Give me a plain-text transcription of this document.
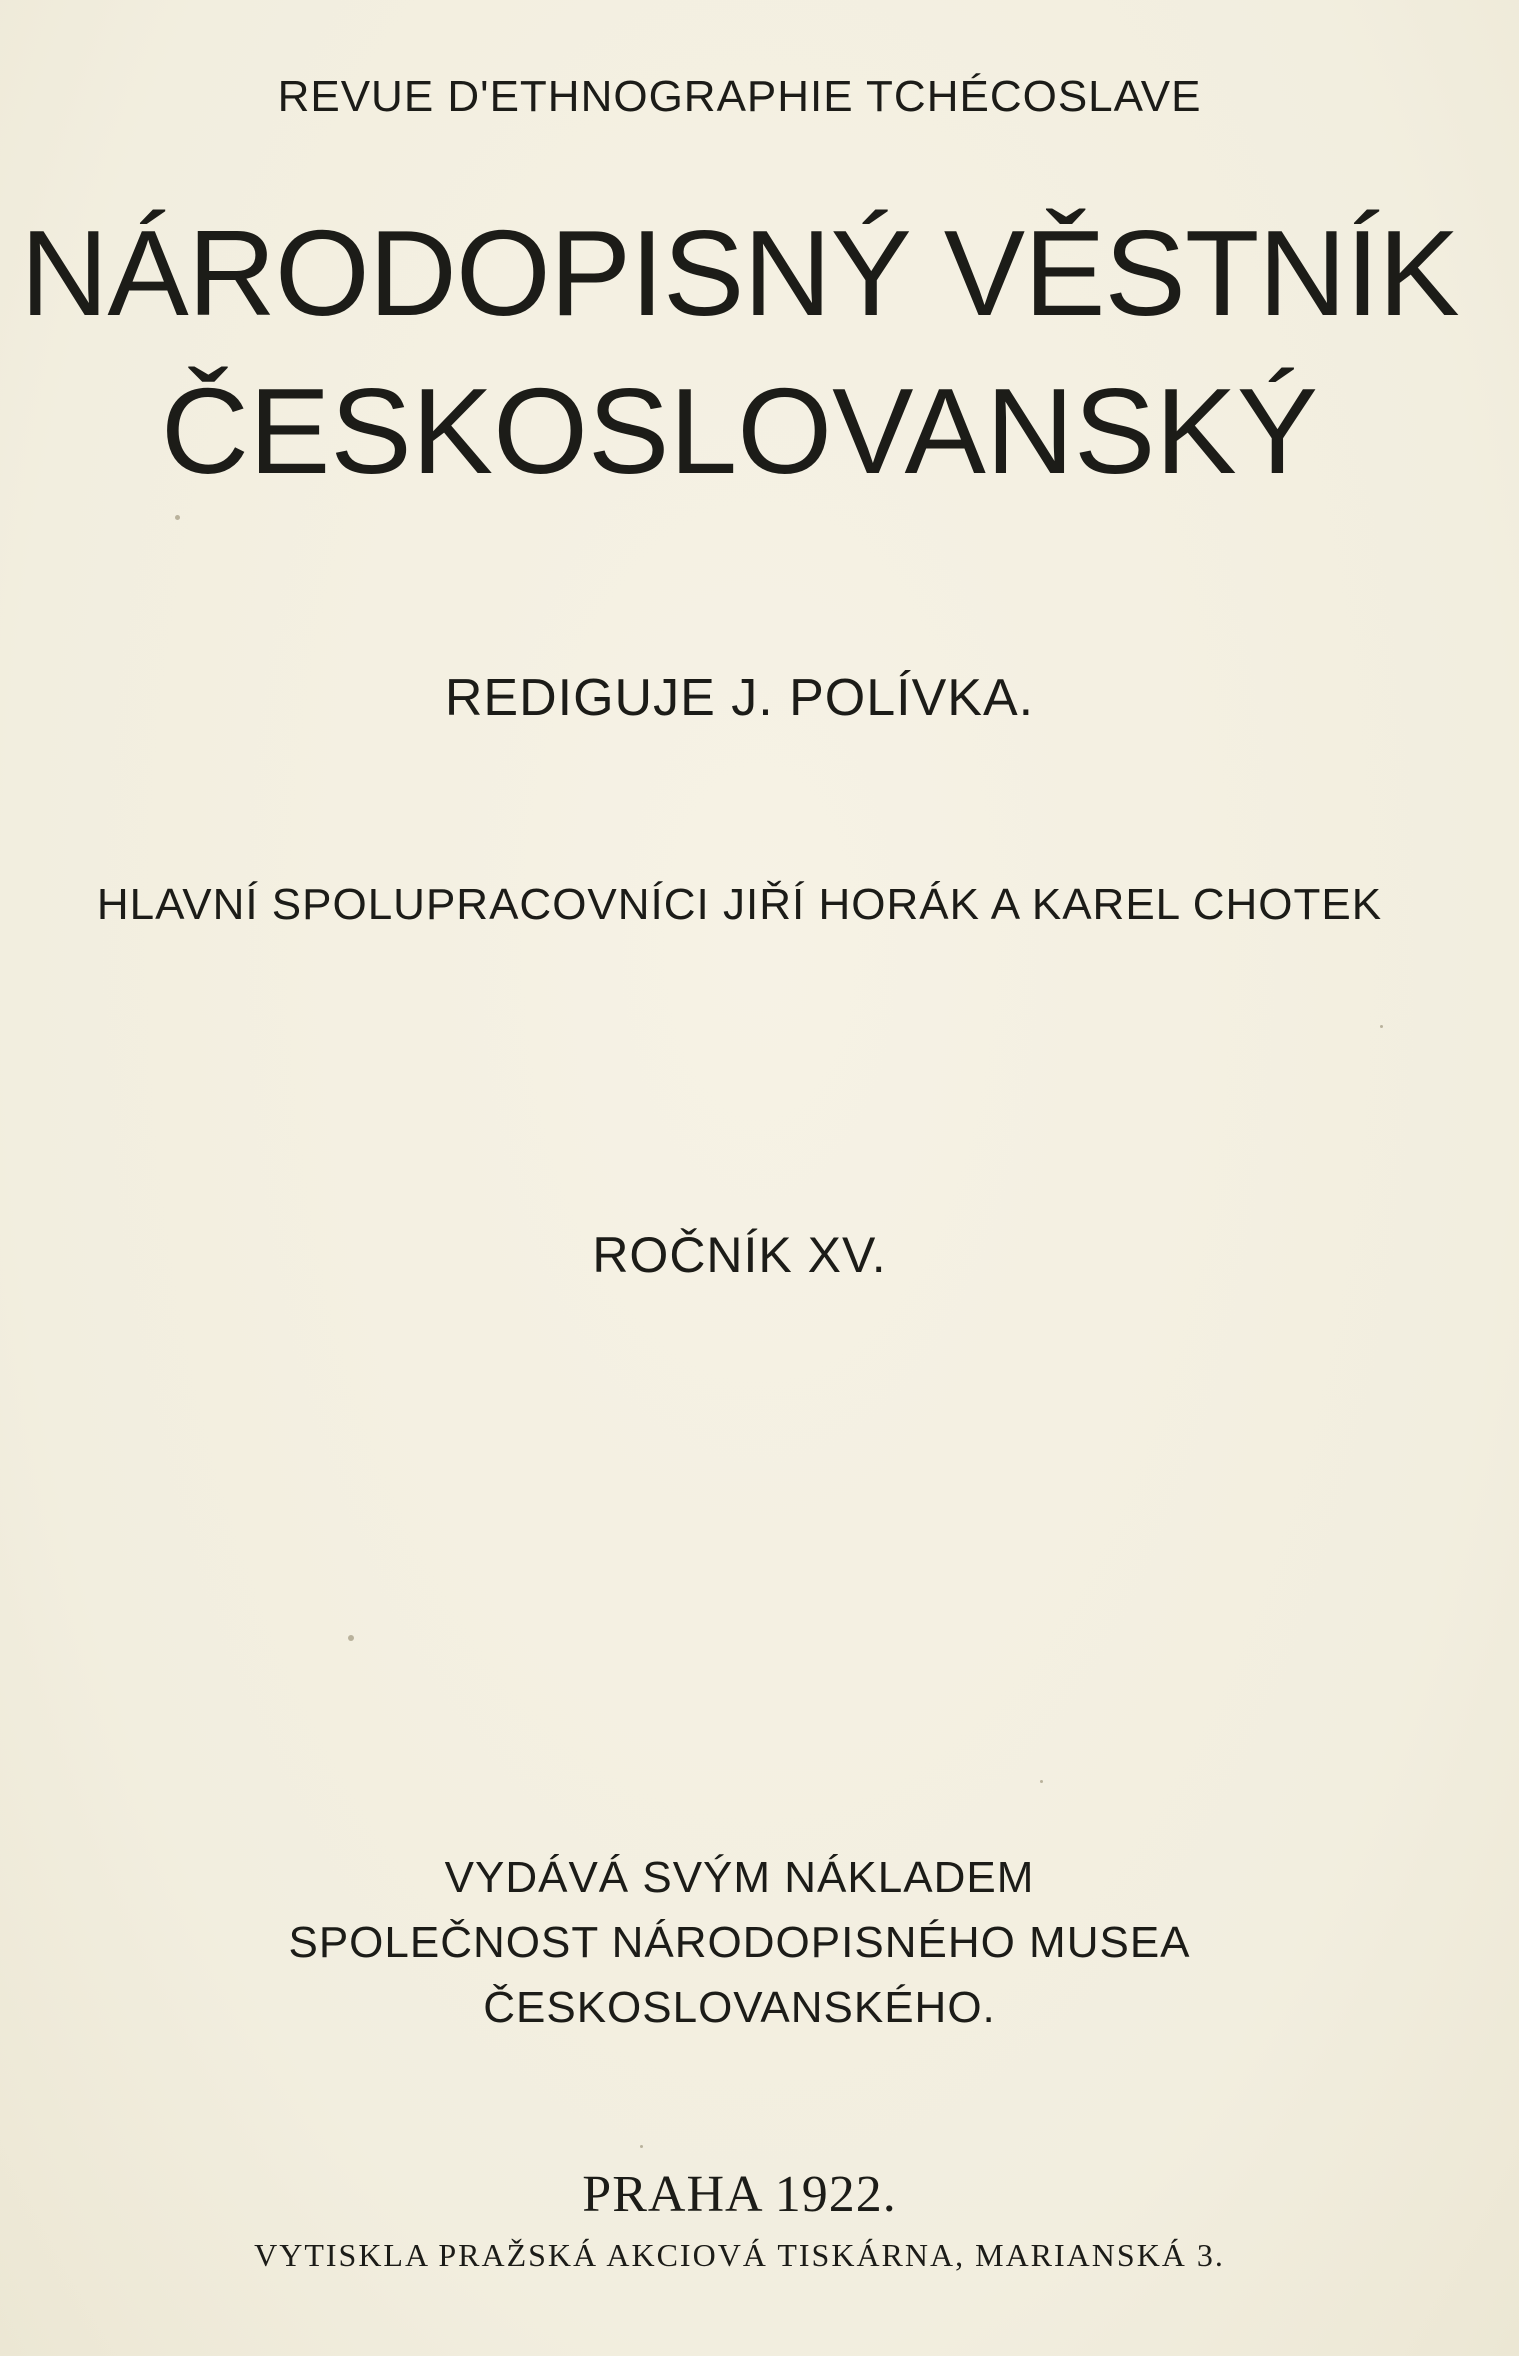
REVUE D'ETHNOGRAPHIE TCHÉCOSLAVE

NÁRODOPISNÝ VĚSTNÍK

ČESKOSLOVANSKÝ

REDIGUJE J. POLÍVKA.

HLAVNÍ SPOLUPRACOVNÍCI JIŘÍ HORÁK A KAREL CHOTEK

ROČNÍK XV.

VYDÁVÁ SVÝM NÁKLADEM

SPOLEČNOST NÁRODOPISNÉHO MUSEA

ČESKOSLOVANSKÉHO.

PRAHA 1922.

VYTISKLA PRAŽSKÁ AKCIOVÁ TISKÁRNA, MARIANSKÁ 3.
